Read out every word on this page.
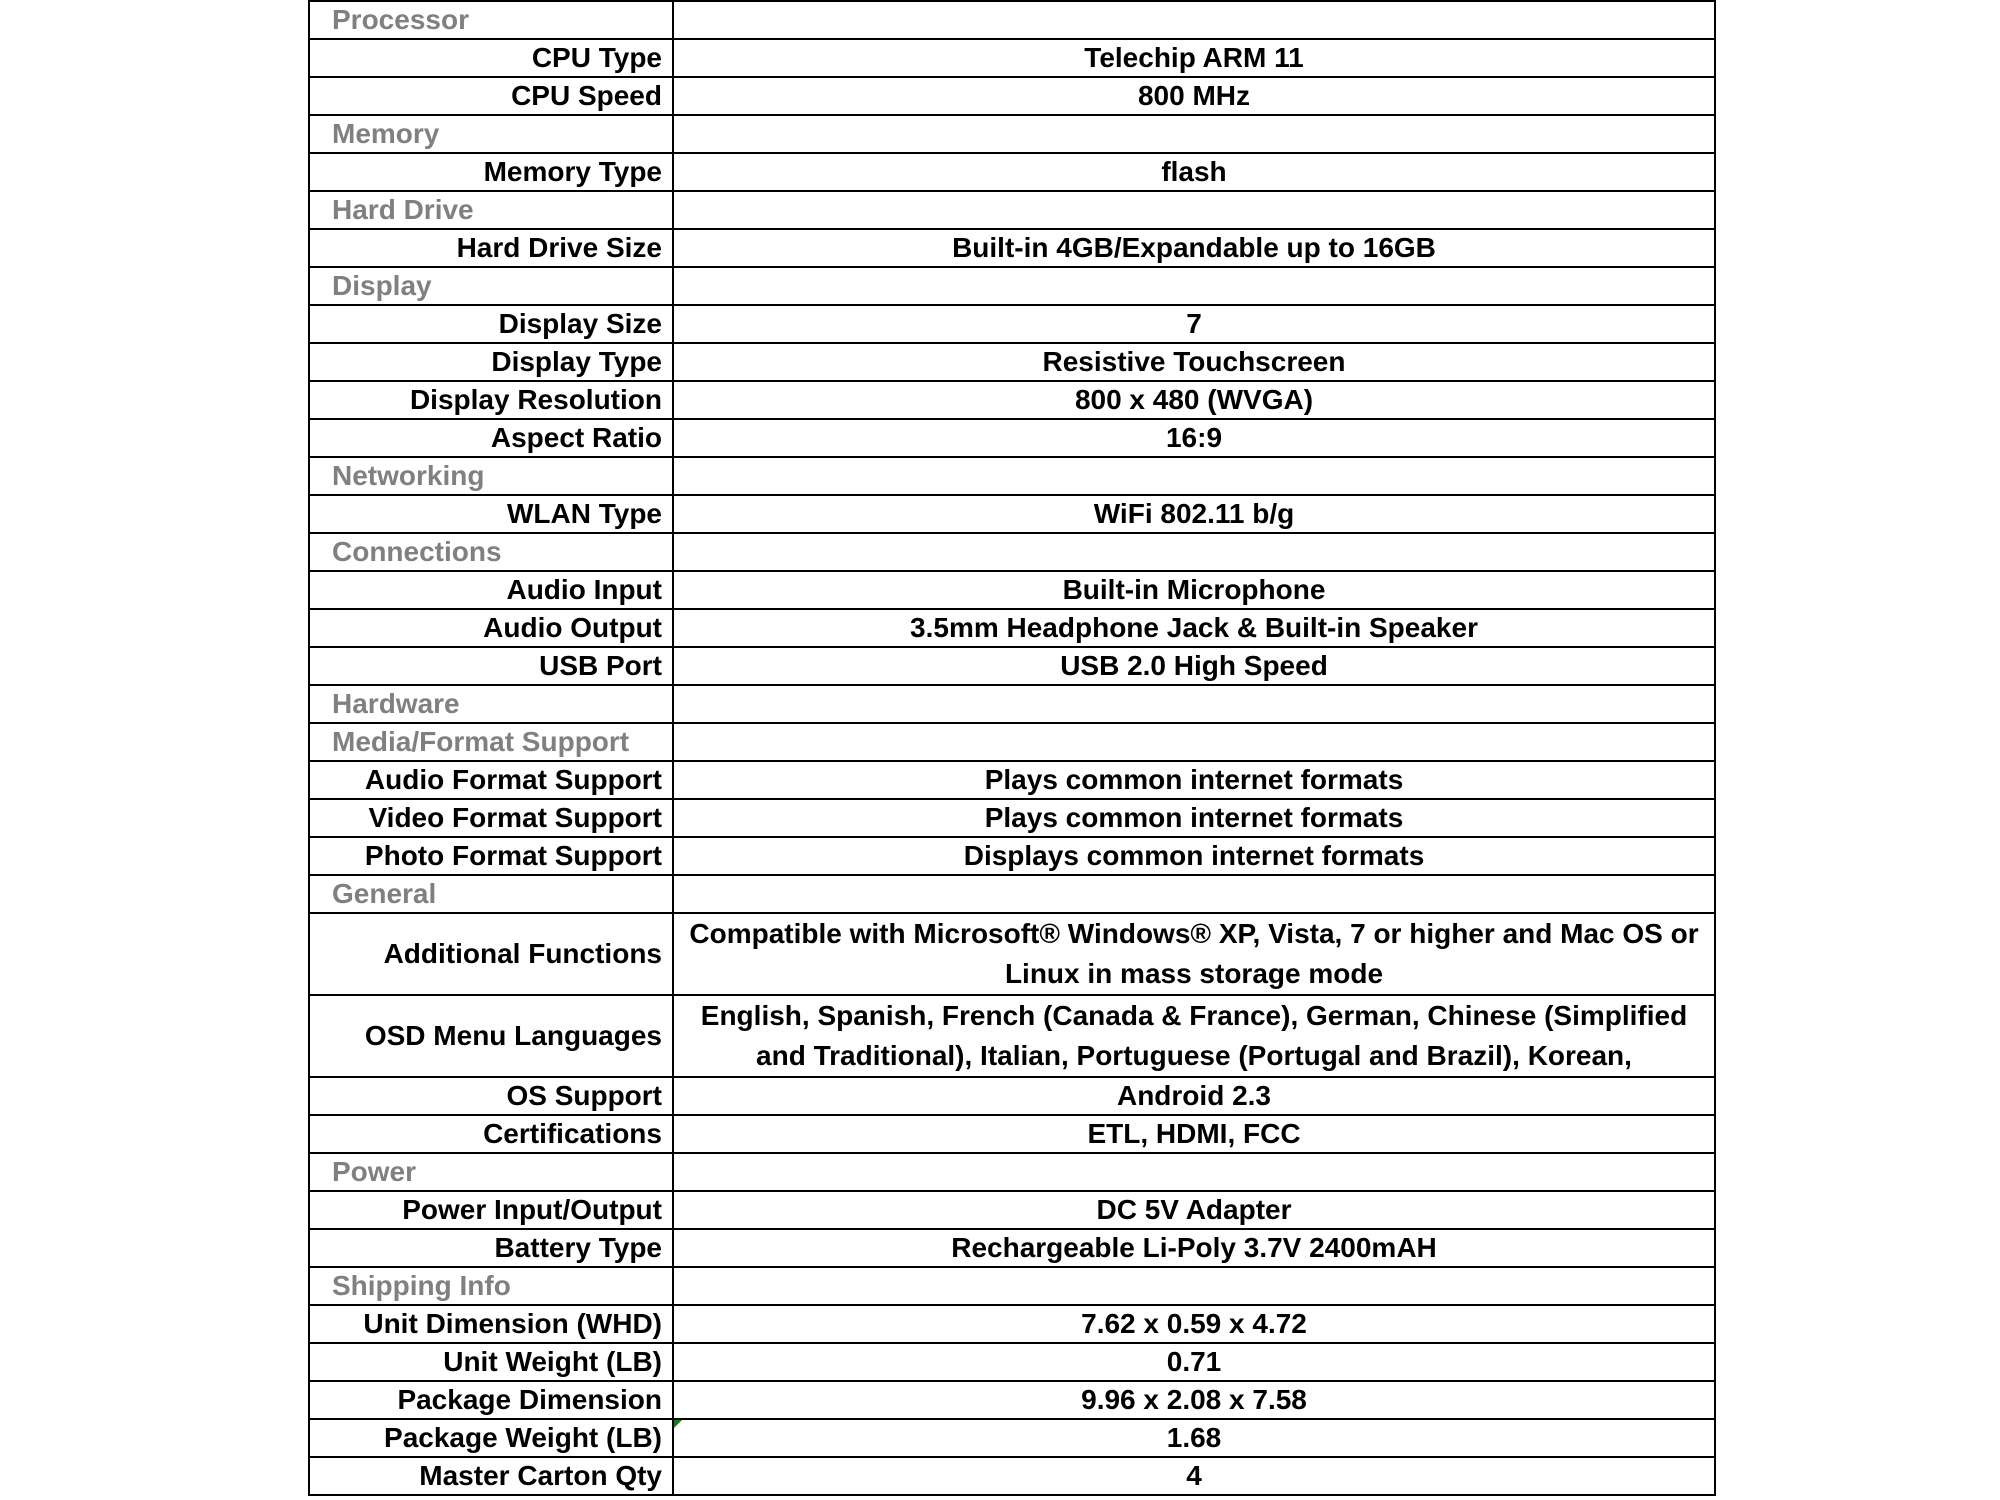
Processor	
CPU Type	Telechip ARM 11
CPU Speed	800 MHz
Memory	
Memory Type	flash
Hard Drive	
Hard Drive Size	Built-in 4GB/Expandable up to 16GB
Display	
Display Size	7
Display Type	Resistive Touchscreen
Display Resolution	800 x 480 (WVGA)
Aspect Ratio	16:9
Networking	
WLAN Type	WiFi 802.11 b/g
Connections	
Audio Input	Built-in Microphone
Audio Output	3.5mm Headphone Jack & Built-in Speaker
USB Port	USB 2.0 High Speed
Hardware	
Media/Format Support	
Audio Format Support	Plays common internet formats
Video Format Support	Plays common internet formats
Photo Format Support	Displays common internet formats
General	
Additional Functions	Compatible with Microsoft® Windows® XP, Vista, 7 or higher and Mac OS or Linux in mass storage mode
OSD Menu Languages	English, Spanish, French (Canada & France), German, Chinese (Simplified and Traditional), Italian, Portuguese (Portugal and Brazil), Korean,
OS Support	Android 2.3
Certifications	ETL, HDMI, FCC
Power	
Power Input/Output	DC 5V Adapter
Battery Type	Rechargeable Li-Poly 3.7V 2400mAH
Shipping Info	
Unit Dimension (WHD)	7.62 x 0.59 x 4.72
Unit Weight (LB)	0.71
Package Dimension	9.96 x 2.08 x 7.58
Package Weight (LB)	1.68
Master Carton Qty	4
